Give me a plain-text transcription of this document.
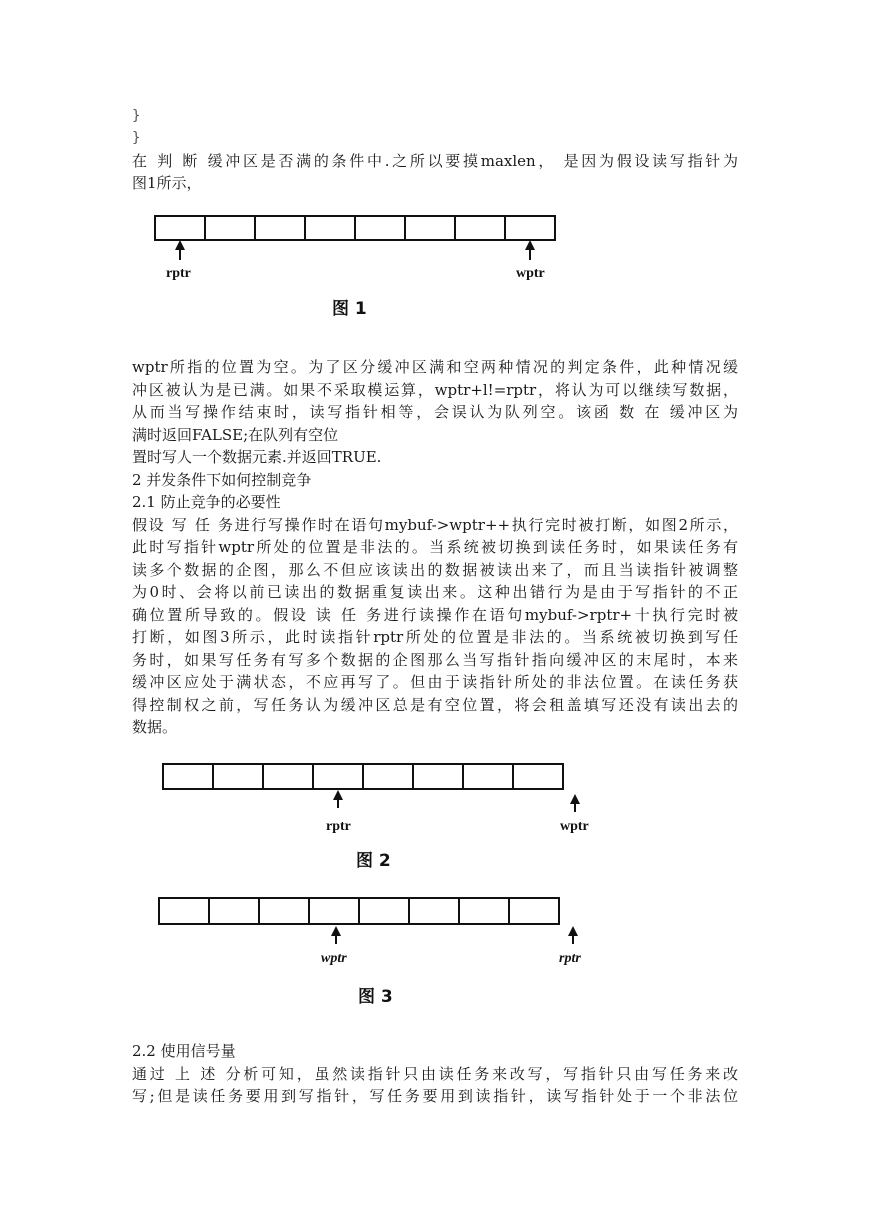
}
}
在 判 断 缓冲区是否满的条件中.之所以要摸maxlen， 是因为假设读写指针为
图1所示，
rptr	wptr
图 1
wptr所指的位置为空。为了区分缓冲区满和空两种情况的判定条件，此种情况缓
冲区被认为是已满。如果不采取模运算，wptr+l!=rptr，将认为可以继续写数据，
从而当写操作结束时，读写指针相等，会误认为队列空。该函 数 在 缓冲区为
满时返回FALSE;在队列有空位
置时写人一个数据元素.并返回TRUE.
2 并发条件下如何控制竞争
2.1 防止竞争的必要性
假设 写 任 务进行写操作时在语句mybuf->wptr++执行完时被打断，如图2所示，
此时写指针wptr所处的位置是非法的。当系统被切换到读任务时，如果读任务有
读多个数据的企图，那么不但应该读出的数据被读出来了，而且当读指针被调整
为0时、会将以前已读出的数据重复读出来。这种出错行为是由于写指针的不正
确位置所导致的。假设 读 任 务进行读操作在语句mybuf->rptr+十执行完时被
打断，如图3所示，此时读指针rptr所处的位置是非法的。当系统被切换到写任
务时，如果写任务有写多个数据的企图那么当写指针指向缓冲区的末尾时，本来
缓冲区应处于满状态，不应再写了。但由于读指针所处的非法位置。在读任务获
得控制权之前，写任务认为缓冲区总是有空位置，将会租盖填写还没有读出去的
数据。
rptr	wptr
图 2
wptr	rptr
图 3
2.2 使用信号量
通过 上 述 分析可知，虽然读指针只由读任务来改写，写指针只由写任务来改
写;但是读任务要用到写指针，写任务要用到读指针，读写指针处于一个非法位
